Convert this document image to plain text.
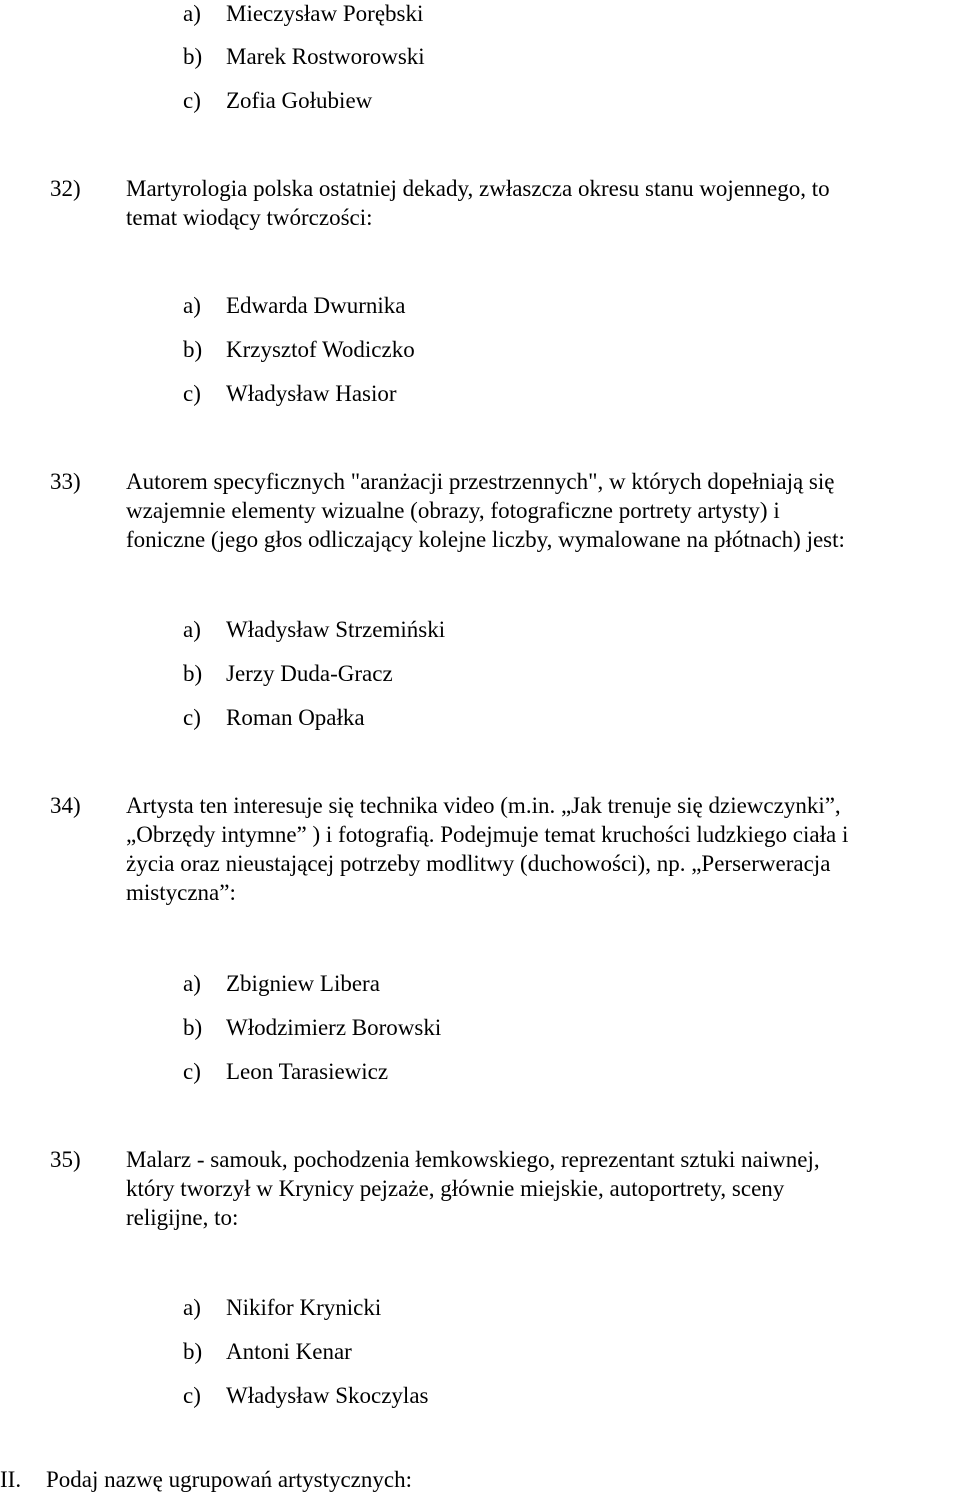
a) Mieczysław Porębski
b) Marek Rostworowski
c) Zofia Gołubiew
32) Martyrologia polska ostatniej dekady, zwłaszcza okresu stanu wojennego, to
temat wiodący twórczości:
a) Edwarda Dwurnika
b) Krzysztof Wodiczko
c) Władysław Hasior
33) Autorem specyficznych "aranżacji przestrzennych", w których dopełniają się
wzajemnie elementy wizualne (obrazy, fotograficzne portrety artysty) i
foniczne (jego głos odliczający kolejne liczby, wymalowane na płótnach) jest:
a) Władysław Strzemiński
b) Jerzy Duda-Gracz
c) Roman Opałka
34) Artysta ten interesuje się technika video (m.in. „Jak trenuje się dziewczynki”,
„Obrzędy intymne” ) i fotografią. Podejmuje temat kruchości ludzkiego ciała i
życia oraz nieustającej potrzeby modlitwy (duchowości), np. „Perserweracja
mistyczna”:
a) Zbigniew Libera
b) Włodzimierz Borowski
c) Leon Tarasiewicz
35) Malarz - samouk, pochodzenia łemkowskiego, reprezentant sztuki naiwnej,
który tworzył w Krynicy pejzaże, głównie miejskie, autoportrety, sceny
religijne, to:
a) Nikifor Krynicki
b) Antoni Kenar
c) Władysław Skoczylas
II. Podaj nazwę ugrupowań artystycznych:
